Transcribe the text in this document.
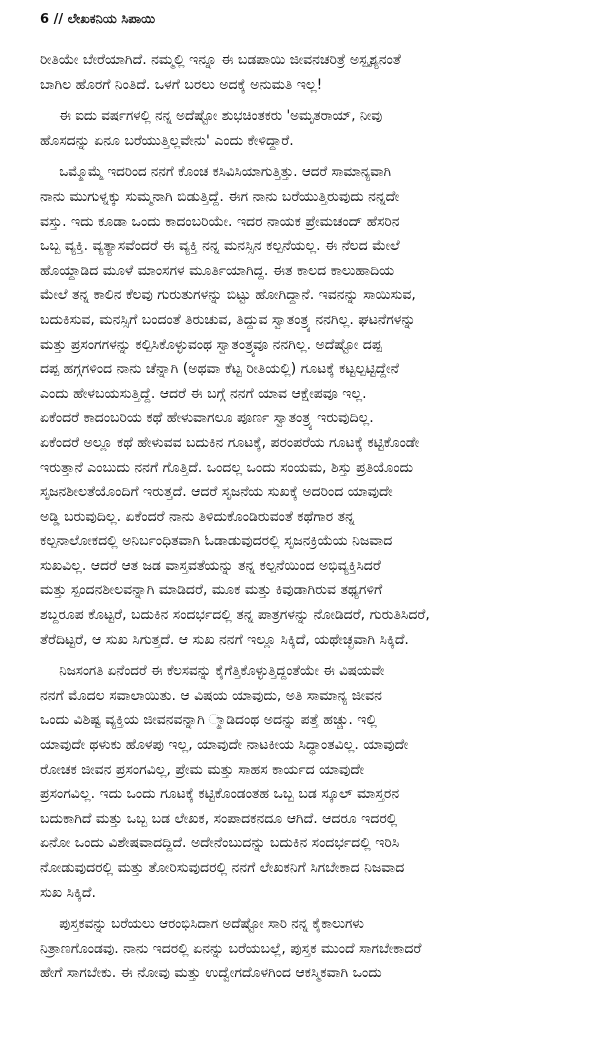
6 // ಲೇಖಕನಿಯ ಸಿಪಾಯಿ
ರೀತಿಯೇ ಬೇರೆಯಾಗಿದೆ. ನಮ್ಮಲ್ಲಿ ಇನ್ನೂ ಈ ಬಡಪಾಯಿ ಜೀವನಚರಿತ್ರೆ ಅಸ್ಪೃಶ್ಯನಂತೆ
ಬಾಗಿಲ ಹೊರಗೆ ನಿಂತಿದೆ. ಒಳಗೆ ಬರಲು ಅದಕ್ಕೆ ಅನುಮತಿ ಇಲ್ಲ!
ಈ ಐದು ವರ್ಷಗಳಲ್ಲಿ ನನ್ನ ಅದೆಷ್ಟೋ ಶುಭಚಿಂತಕರು 'ಅಮೃತರಾಯ್, ನೀವು
ಹೊಸದನ್ನು ಏನೂ ಬರೆಯುತ್ತಿಲ್ಲವೇನು' ಎಂದು ಕೇಳಿದ್ದಾರೆ.
ಒಮ್ಮೊಮ್ಮೆ ಇದರಿಂದ ನನಗೆ ಕೊಂಚ ಕಸಿವಿಸಿಯಾಗುತ್ತಿತ್ತು. ಆದರೆ ಸಾಮಾನ್ಯವಾಗಿ
ನಾನು ಮುಗುಳ್ನಕ್ಕು ಸುಮ್ಮನಾಗಿ ಬಿಡುತ್ತಿದ್ದೆ. ಈಗ ನಾನು ಬರೆಯುತ್ತಿರುವುದು ನನ್ನದೇ
ವಸ್ತು. ಇದು ಕೂಡಾ ಒಂದು ಕಾದಂಬರಿಯೇ. ಇದರ ನಾಯಕ ಪ್ರೇಮಚಂದ್ ಹೆಸರಿನ
ಒಬ್ಬ ವ್ಯಕ್ತಿ. ವ್ಯತ್ಯಾಸವೆಂದರೆ ಈ ವ್ಯಕ್ತಿ ನನ್ನ ಮನಸ್ಸಿನ ಕಲ್ಪನೆಯಲ್ಲ. ಈ ನೆಲದ ಮೇಲೆ
ಹೊಯ್ದಾಡಿದ ಮೂಳೆ ಮಾಂಸಗಳ ಮೂರ್ತಿಯಾಗಿದ್ದ. ಈತ ಕಾಲದ ಕಾಲುಹಾದಿಯ
ಮೇಲೆ ತನ್ನ ಕಾಲಿನ ಕೆಲವು ಗುರುತುಗಳನ್ನು ಬಿಟ್ಟು ಹೋಗಿದ್ದಾನೆ. ಇವನನ್ನು ಸಾಯಿಸುವ,
ಬದುಕಿಸುವ, ಮನಸ್ಸಿಗೆ ಬಂದಂತೆ ತಿರುಚುವ, ತಿದ್ದುವ ಸ್ವಾತಂತ್ರ್ಯ ನನಗಿಲ್ಲ. ಘಟನೆಗಳನ್ನು
ಮತ್ತು ಪ್ರಸಂಗಗಳನ್ನು ಕಲ್ಪಿಸಿಕೊಳ್ಳುವಂಥ ಸ್ವಾತಂತ್ರ್ಯವೂ ನನಗಿಲ್ಲ. ಅದೆಷ್ಟೋ ದಪ್ಪ
ದಪ್ಪ ಹಗ್ಗಗಳಿಂದ ನಾನು ಚೆನ್ನಾಗಿ (ಅಥವಾ ಕೆಟ್ಟ ರೀತಿಯಲ್ಲಿ) ಗೂಟಕ್ಕೆ ಕಟ್ಟಲ್ಪಟ್ಟಿದ್ದೇನೆ
ಎಂದು ಹೇಳಬಯಸುತ್ತಿದ್ದೆ. ಆದರೆ ಈ ಬಗ್ಗೆ ನನಗೆ ಯಾವ ಆಕ್ಷೇಪವೂ ಇಲ್ಲ.
ಏಕೆಂದರೆ ಕಾದಂಬರಿಯ ಕಥೆ ಹೇಳುವಾಗಲೂ ಪೂರ್ಣ ಸ್ವಾತಂತ್ರ್ಯ ಇರುವುದಿಲ್ಲ.
ಏಕೆಂದರೆ ಅಲ್ಲೂ ಕಥೆ ಹೇಳುವವ ಬದುಕಿನ ಗೂಟಕ್ಕೆ, ಪರಂಪರೆಯ ಗೂಟಕ್ಕೆ ಕಟ್ಟಿಕೊಂಡೇ
ಇರುತ್ತಾನೆ ಎಂಬುದು ನನಗೆ ಗೊತ್ತಿದೆ. ಒಂದಲ್ಲ ಒಂದು ಸಂಯಮ, ಶಿಸ್ತು ಪ್ರತಿಯೊಂದು
ಸೃಜನಶೀಲತೆಯೊಂದಿಗೆ ಇರುತ್ತದೆ. ಆದರೆ ಸೃಜನೆಯ ಸುಖಕ್ಕೆ ಅದರಿಂದ ಯಾವುದೇ
ಅಡ್ಡಿ ಬರುವುದಿಲ್ಲ. ಏಕೆಂದರೆ ನಾನು ತಿಳಿದುಕೊಂಡಿರುವಂತೆ ಕಥೆಗಾರ ತನ್ನ
ಕಲ್ಪನಾಲೋಕದಲ್ಲಿ ಅನಿರ್ಬಂಧಿತವಾಗಿ ಓಡಾಡುವುದರಲ್ಲಿ ಸೃಜನಕ್ರಿಯೆಯ ನಿಜವಾದ
ಸುಖವಿಲ್ಲ. ಆದರೆ ಆತ ಜಡ ವಾಸ್ತವತೆಯನ್ನು ತನ್ನ ಕಲ್ಪನೆಯಿಂದ ಅಭಿವ್ಯಕ್ತಿಸಿದರೆ
ಮತ್ತು ಸ್ಪಂದನಶೀಲವನ್ನಾಗಿ ಮಾಡಿದರೆ, ಮೂಕ ಮತ್ತು ಕಿವುಡಾಗಿರುವ ತಥ್ಯಗಳಿಗೆ
ಶಬ್ದರೂಪ ಕೊಟ್ಟರೆ, ಬದುಕಿನ ಸಂದರ್ಭದಲ್ಲಿ ತನ್ನ ಪಾತ್ರಗಳನ್ನು ನೋಡಿದರೆ, ಗುರುತಿಸಿದರೆ,
ತೆರೆದಿಟ್ಟರೆ, ಆ ಸುಖ ಸಿಗುತ್ತದೆ. ಆ ಸುಖ ನನಗೆ ಇಲ್ಲೂ ಸಿಕ್ಕಿದೆ, ಯಥೇಚ್ಛವಾಗಿ ಸಿಕ್ಕಿದೆ.
ನಿಜಸಂಗತಿ ಏನೆಂದರೆ ಈ ಕೆಲಸವನ್ನು ಕೈಗೆತ್ತಿಕೊಳ್ಳುತ್ತಿದ್ದಂತೆಯೇ ಈ ವಿಷಯವೇ
ನನಗೆ ಮೊದಲ ಸವಾಲಾಯಿತು. ಆ ವಿಷಯ ಯಾವುದು, ಅತಿ ಸಾಮಾನ್ಯ ಜೀವನ
ಒಂದು ವಿಶಿಷ್ಟ ವ್ಯಕ್ತಿಯ ಜೀವನವನ್ನಾಗಿ ್ಮಾಡಿದಂಥ ಅದನ್ನು ಪತ್ತೆ ಹಚ್ಚು. ಇಲ್ಲಿ
ಯಾವುದೇ ಥಳುಕು ಹೊಳಪು ಇಲ್ಲ, ಯಾವುದೇ ನಾಟಕೀಯ ಸಿದ್ಧಾಂತವಿಲ್ಲ. ಯಾವುದೇ
ರೋಚಕ ಜೀವನ ಪ್ರಸಂಗವಿಲ್ಲ, ಪ್ರೇಮ ಮತ್ತು ಸಾಹಸ ಕಾರ್ಯದ ಯಾವುದೇ
ಪ್ರಸಂಗವಿಲ್ಲ. ಇದು ಒಂದು ಗೂಟಕ್ಕೆ ಕಟ್ಟಿಕೊಂಡಂತಹ ಒಬ್ಬ ಬಡ ಸ್ಕೂಲ್ ಮಾಸ್ತರನ
ಬದುಕಾಗಿದೆ ಮತ್ತು ಒಬ್ಬ ಬಡ ಲೇಖಕ, ಸಂಪಾದಕನದೂ ಆಗಿದೆ. ಆದರೂ ಇದರಲ್ಲಿ
ಏನೋ ಒಂದು ವಿಶೇಷವಾದದ್ದಿದೆ. ಅದೇನೆಂಬುದನ್ನು ಬದುಕಿನ ಸಂದರ್ಭದಲ್ಲಿ ಇರಿಸಿ
ನೋಡುವುದರಲ್ಲಿ ಮತ್ತು ತೋರಿಸುವುದರಲ್ಲಿ ನನಗೆ ಲೇಖಕನಿಗೆ ಸಿಗಬೇಕಾದ ನಿಜವಾದ
ಸುಖ ಸಿಕ್ಕಿದೆ.
ಪುಸ್ತಕವನ್ನು ಬರೆಯಲು ಆರಂಭಿಸಿದಾಗ ಅದೆಷ್ಟೋ ಸಾರಿ ನನ್ನ ಕೈಕಾಲುಗಳು
ನಿತ್ರಾಣಗೊಂಡವು. ನಾನು ಇದರಲ್ಲಿ ಏನನ್ನು ಬರೆಯಬಲ್ಲೆ, ಪುಸ್ತಕ ಮುಂದೆ ಸಾಗಬೇಕಾದರೆ
ಹೇಗೆ ಸಾಗಬೇಕು. ಈ ನೋವು ಮತ್ತು ಉದ್ವೇಗದೊಳಗಿಂದ ಆಕಸ್ಮಿಕವಾಗಿ ಒಂದು
